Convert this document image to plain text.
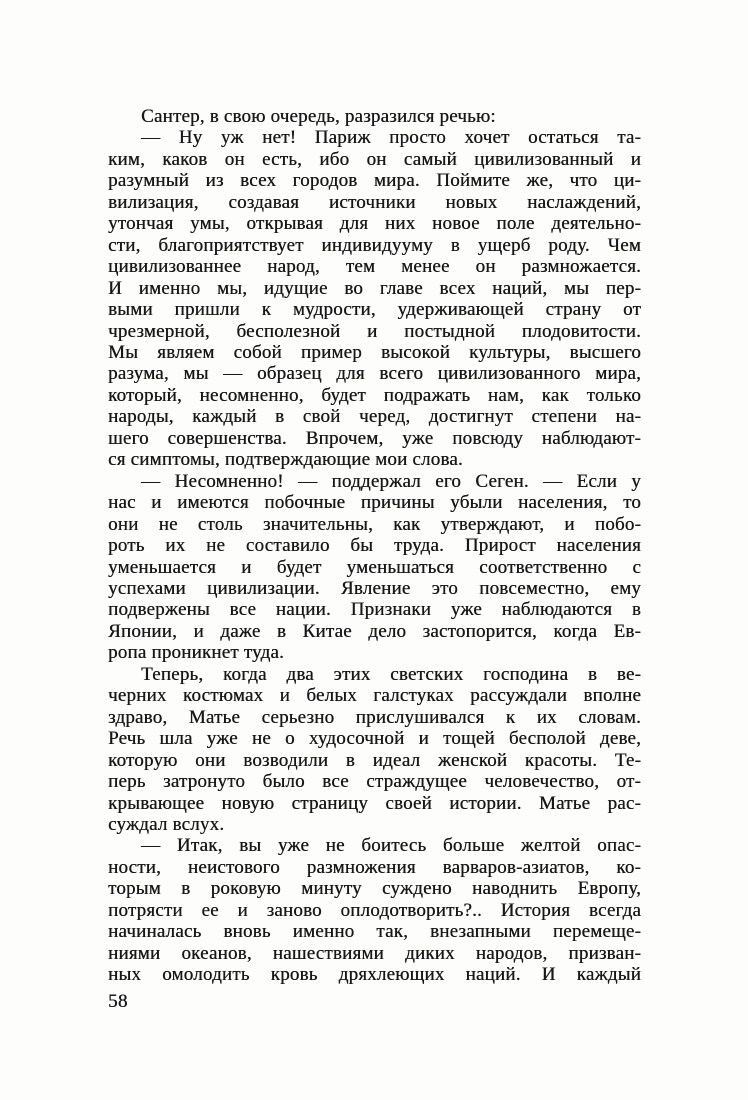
Сантер, в свою очередь, разразился речью:
— Ну уж нет! Париж просто хочет остаться та-
ким, каков он есть, ибо он самый цивилизованный и
разумный из всех городов мира. Поймите же, что ци-
вилизация, создавая источники новых наслаждений,
утончая умы, открывая для них новое поле деятельно-
сти, благоприятствует индивидууму в ущерб роду. Чем
цивилизованнее народ, тем менее он размножается.
И именно мы, идущие во главе всех наций, мы пер-
выми пришли к мудрости, удерживающей страну от
чрезмерной, бесполезной и постыдной плодовитости.
Мы являем собой пример высокой культуры, высшего
разума, мы — образец для всего цивилизованного мира,
который, несомненно, будет подражать нам, как только
народы, каждый в свой черед, достигнут степени на-
шего совершенства. Впрочем, уже повсюду наблюдают-
ся симптомы, подтверждающие мои слова.
— Несомненно! — поддержал его Сеген. — Если у
нас и имеются побочные причины убыли населения, то
они не столь значительны, как утверждают, и побо-
роть их не составило бы труда. Прирост населения
уменьшается и будет уменьшаться соответственно с
успехами цивилизации. Явление это повсеместно, ему
подвержены все нации. Признаки уже наблюдаются в
Японии, и даже в Китае дело застопорится, когда Ев-
ропа проникнет туда.
Теперь, когда два этих светских господина в ве-
черних костюмах и белых галстуках рассуждали вполне
здраво, Матье серьезно прислушивался к их словам.
Речь шла уже не о худосочной и тощей бесполой деве,
которую они возводили в идеал женской красоты. Те-
перь затронуто было все страждущее человечество, от-
крывающее новую страницу своей истории. Матье рас-
суждал вслух.
— Итак, вы уже не боитесь больше желтой опас-
ности, неистового размножения варваров-азиатов, ко-
торым в роковую минуту суждено наводнить Европу,
потрясти ее и заново оплодотворить?.. История всегда
начиналась вновь именно так, внезапными перемеще-
ниями океанов, нашествиями диких народов, призван-
ных омолодить кровь дряхлеющих наций. И каждый
58
